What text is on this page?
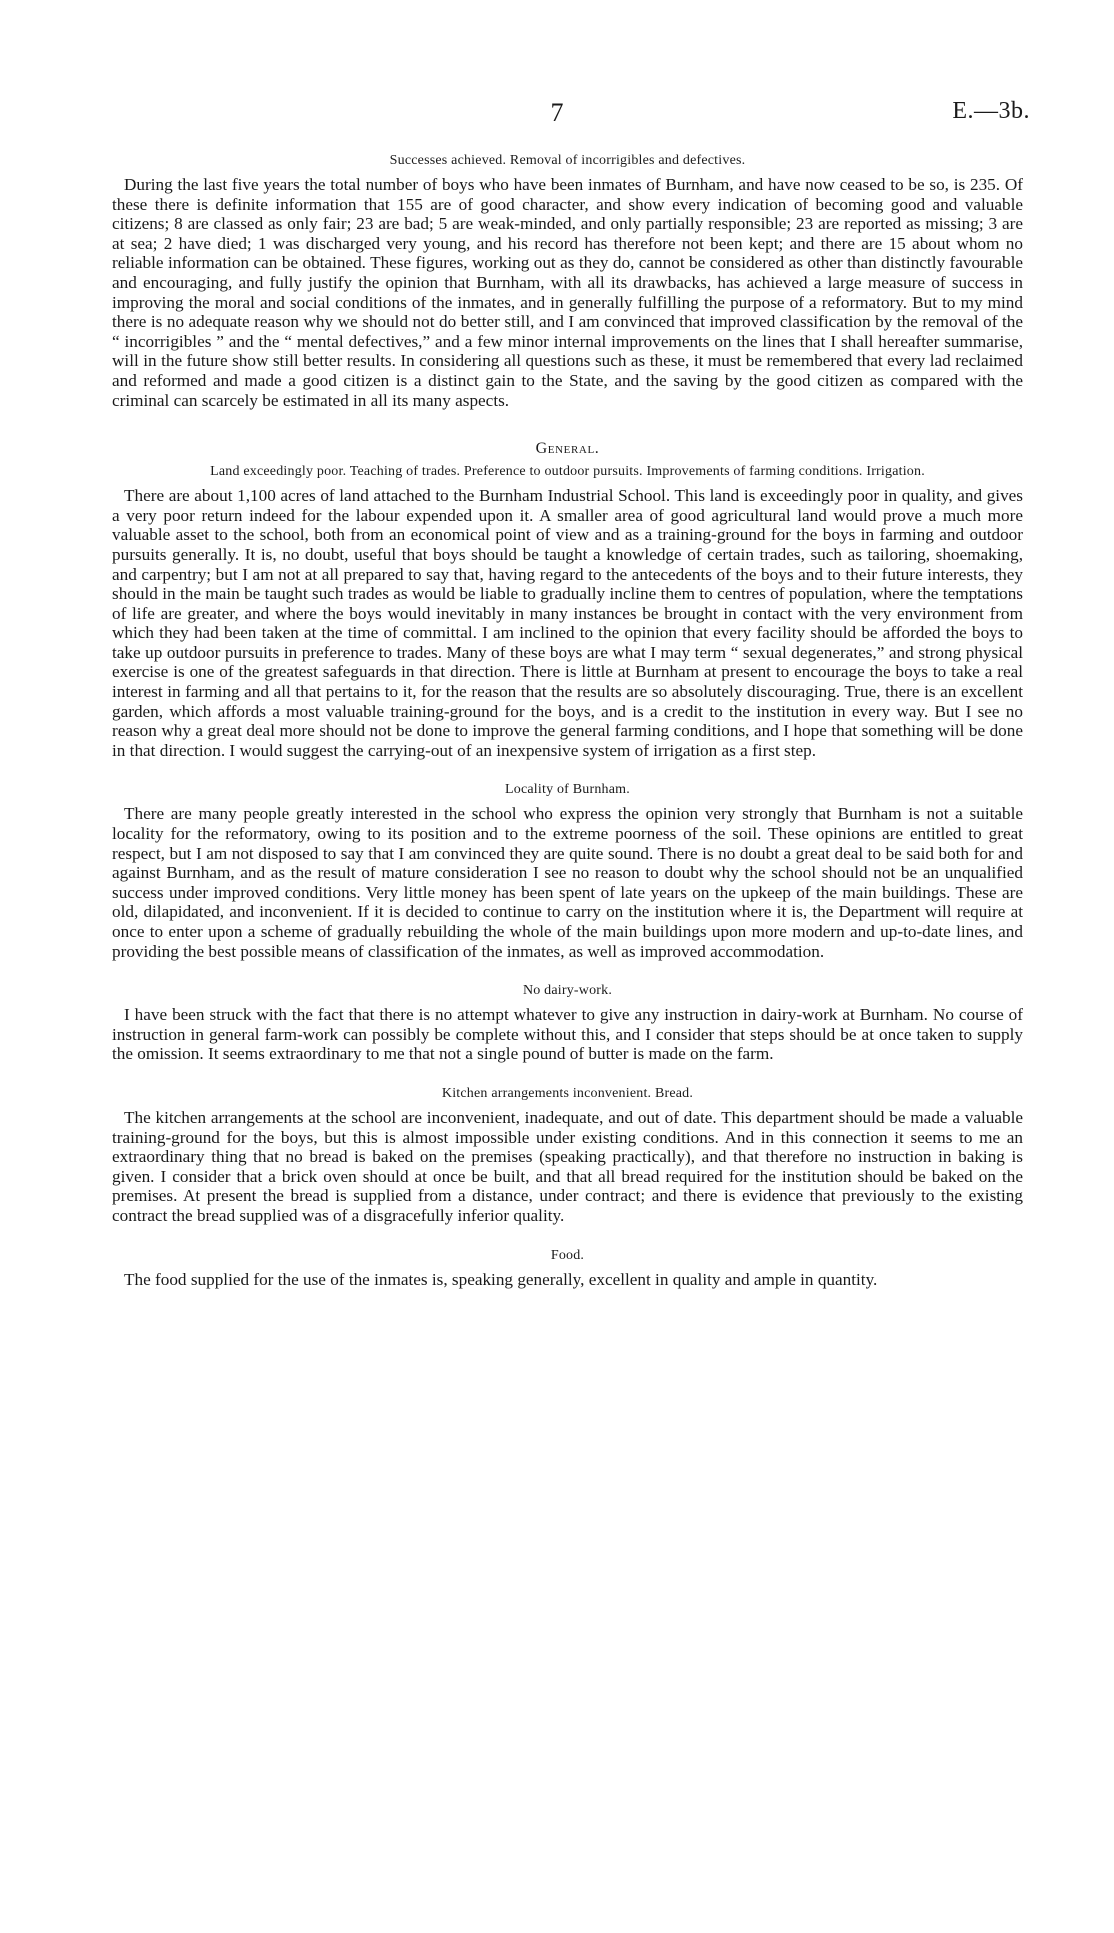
7	E.—3b.

Successes achieved. Removal of incorrigibles and defectives.

During the last five years the total number of boys who have been inmates of Burnham, and have now ceased to be so, is 235. Of these there is definite information that 155 are of good character, and show every indication of becoming good and valuable citizens; 8 are classed as only fair; 23 are bad; 5 are weak-minded, and only partially responsible; 23 are reported as missing; 3 are at sea; 2 have died; 1 was discharged very young, and his record has therefore not been kept; and there are 15 about whom no reliable information can be obtained. These figures, working out as they do, cannot be considered as other than distinctly favourable and encouraging, and fully justify the opinion that Burnham, with all its drawbacks, has achieved a large measure of success in improving the moral and social conditions of the inmates, and in generally fulfilling the purpose of a reformatory. But to my mind there is no adequate reason why we should not do better still, and I am convinced that improved classification by the removal of the “ incorrigibles ” and the “ mental defectives,” and a few minor internal improvements on the lines that I shall hereafter summarise, will in the future show still better results. In considering all questions such as these, it must be remembered that every lad reclaimed and reformed and made a good citizen is a distinct gain to the State, and the saving by the good citizen as compared with the criminal can scarcely be estimated in all its many aspects.

General.

Land exceedingly poor. Teaching of trades. Preference to outdoor pursuits. Improvements of farming conditions. Irrigation.

There are about 1,100 acres of land attached to the Burnham Industrial School. This land is exceedingly poor in quality, and gives a very poor return indeed for the labour expended upon it. A smaller area of good agricultural land would prove a much more valuable asset to the school, both from an economical point of view and as a training-ground for the boys in farming and outdoor pursuits generally. It is, no doubt, useful that boys should be taught a knowledge of certain trades, such as tailoring, shoemaking, and carpentry; but I am not at all prepared to say that, having regard to the antecedents of the boys and to their future interests, they should in the main be taught such trades as would be liable to gradually incline them to centres of population, where the temptations of life are greater, and where the boys would inevitably in many instances be brought in contact with the very environment from which they had been taken at the time of committal. I am inclined to the opinion that every facility should be afforded the boys to take up outdoor pursuits in preference to trades. Many of these boys are what I may term “ sexual degenerates,” and strong physical exercise is one of the greatest safeguards in that direction. There is little at Burnham at present to encourage the boys to take a real interest in farming and all that pertains to it, for the reason that the results are so absolutely discouraging. True, there is an excellent garden, which affords a most valuable training-ground for the boys, and is a credit to the institution in every way. But I see no reason why a great deal more should not be done to improve the general farming conditions, and I hope that something will be done in that direction. I would suggest the carrying-out of an inexpensive system of irrigation as a first step.

Locality of Burnham.

There are many people greatly interested in the school who express the opinion very strongly that Burnham is not a suitable locality for the reformatory, owing to its position and to the extreme poorness of the soil. These opinions are entitled to great respect, but I am not disposed to say that I am convinced they are quite sound. There is no doubt a great deal to be said both for and against Burnham, and as the result of mature consideration I see no reason to doubt why the school should not be an unqualified success under improved conditions. Very little money has been spent of late years on the upkeep of the main buildings. These are old, dilapidated, and inconvenient. If it is decided to continue to carry on the institution where it is, the Department will require at once to enter upon a scheme of gradually rebuilding the whole of the main buildings upon more modern and up-to-date lines, and providing the best possible means of classification of the inmates, as well as improved accommodation.

No dairy-work.

I have been struck with the fact that there is no attempt whatever to give any instruction in dairy-work at Burnham. No course of instruction in general farm-work can possibly be complete without this, and I consider that steps should be at once taken to supply the omission. It seems extraordinary to me that not a single pound of butter is made on the farm.

Kitchen arrangements inconvenient. Bread.

The kitchen arrangements at the school are inconvenient, inadequate, and out of date. This department should be made a valuable training-ground for the boys, but this is almost impossible under existing conditions. And in this connection it seems to me an extraordinary thing that no bread is baked on the premises (speaking practically), and that therefore no instruction in baking is given. I consider that a brick oven should at once be built, and that all bread required for the institution should be baked on the premises. At present the bread is supplied from a distance, under contract; and there is evidence that previously to the existing contract the bread supplied was of a disgracefully inferior quality.

Food.

The food supplied for the use of the inmates is, speaking generally, excellent in quality and ample in quantity.
